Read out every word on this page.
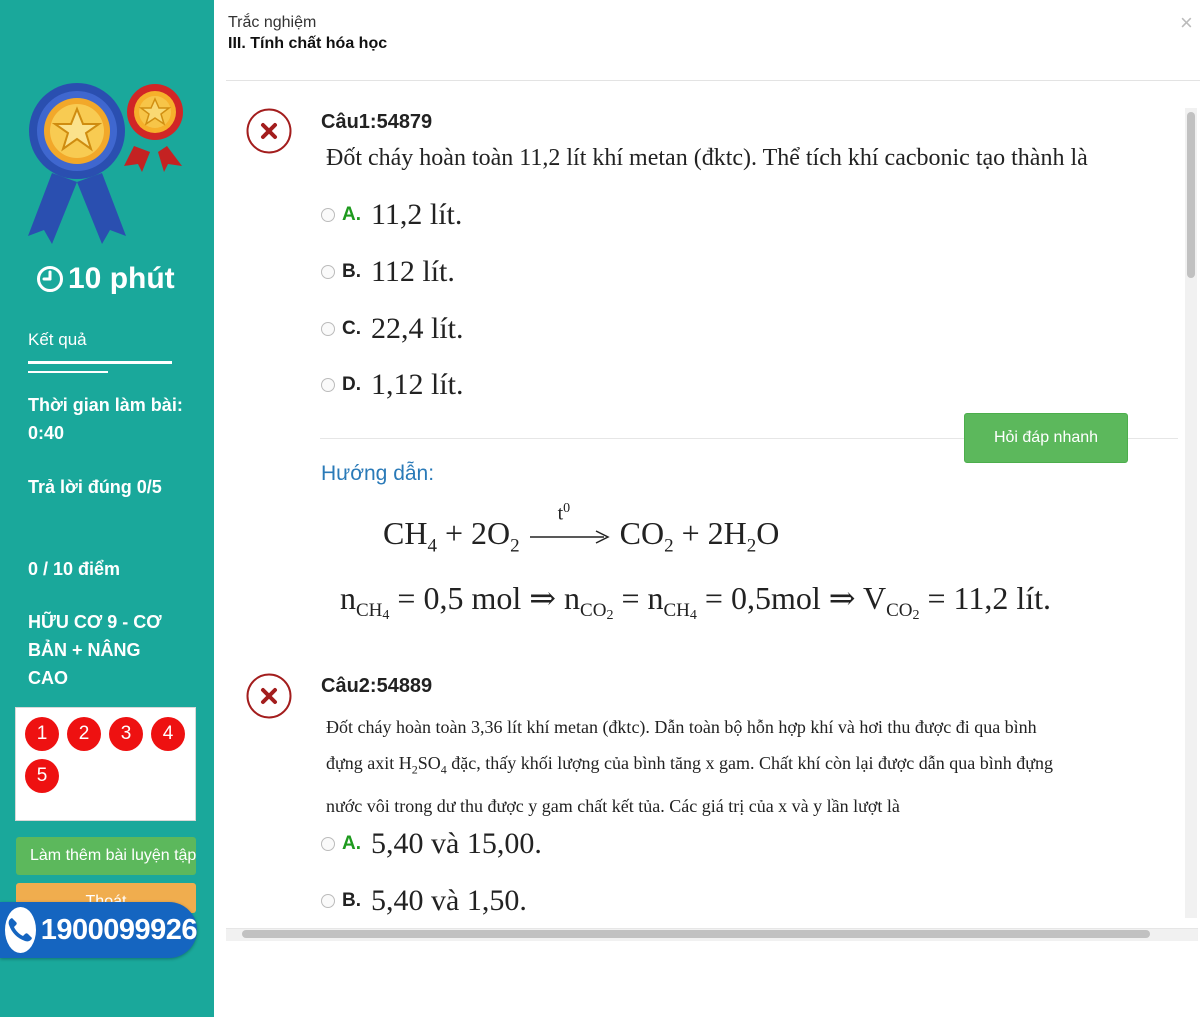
10 phút
Kết quả
Thời gian làm bài: 0:40
Trả lời đúng 0/5
0 / 10 điểm
HỮU CƠ 9 - CƠ BẢN + NÂNG CAO
1	2	3	4
5
Làm thêm bài luyện tập
1900099926
Trắc nghiệm
III. Tính chất hóa học
×
Câu1:54879
Đốt cháy hoàn toàn 11,2 lít khí metan (đktc). Thể tích khí cacbonic tạo thành là
A. 11,2 lít.
B. 112 lít.
C. 22,4 lít.
D. 1,12 lít.
Hỏi đáp nhanh
Hướng dẫn:
$CH_4 + 2O_2$
$t^0$
$CO_2 + 2H_2O$
$n_{CH_4} = 0,5$ mol ⇒ $n_{CO_2} = n_{CH_4} = 0,5mol$ ⇒ $V_{CO_2} = 11,2$ lít.
Câu2:54889
Đốt cháy hoàn toàn 3,36 lít khí metan (đktc). Dẫn toàn bộ hỗn hợp khí và hơi thu được đi qua bình
đựng axit $H_2SO_4$ đặc, thấy khối lượng của bình tăng x gam. Chất khí còn lại được dẫn qua bình đựng
nước vôi trong dư thu được y gam chất kết tủa. Các giá trị của x và y lần lượt là
A. 5,40 và 15,00.
B. 5,40 và 1,50.
